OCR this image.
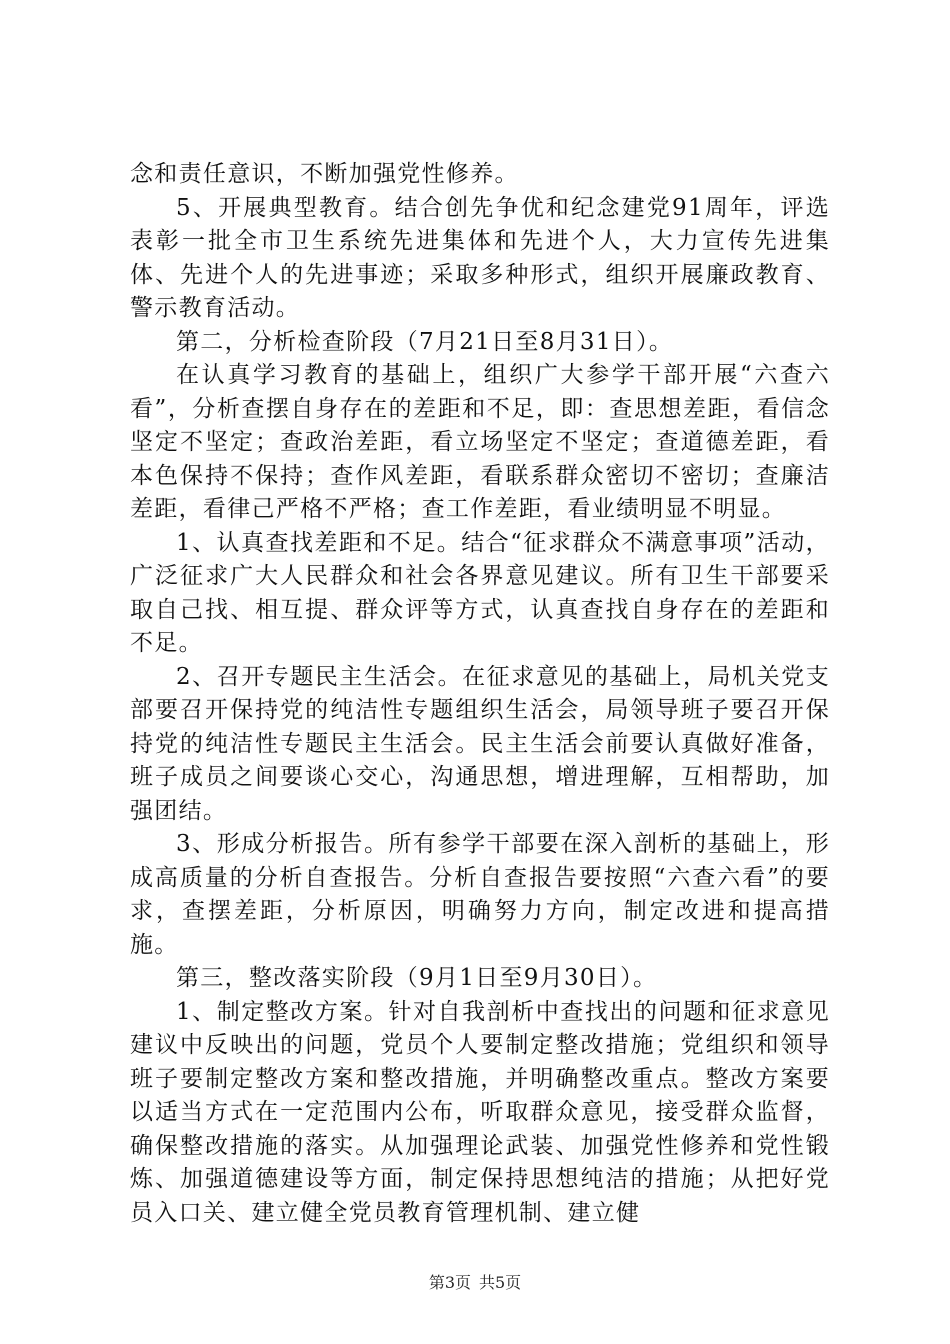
念和责任意识，不断加强党性修养。

5、开展典型教育。结合创先争优和纪念建党91周年，评选表彰一批全市卫生系统先进集体和先进个人，大力宣传先进集体、先进个人的先进事迹；采取多种形式，组织开展廉政教育、警示教育活动。

第二，分析检查阶段（7月21日至8月31日）。

在认真学习教育的基础上，组织广大参学干部开展“六查六看”，分析查摆自身存在的差距和不足，即：查思想差距，看信念坚定不坚定；查政治差距，看立场坚定不坚定；查道德差距，看本色保持不保持；查作风差距，看联系群众密切不密切；查廉洁差距，看律己严格不严格；查工作差距，看业绩明显不明显。

1、认真查找差距和不足。结合“征求群众不满意事项”活动，广泛征求广大人民群众和社会各界意见建议。所有卫生干部要采取自己找、相互提、群众评等方式，认真查找自身存在的差距和不足。

2、召开专题民主生活会。在征求意见的基础上，局机关党支部要召开保持党的纯洁性专题组织生活会，局领导班子要召开保持党的纯洁性专题民主生活会。民主生活会前要认真做好准备，班子成员之间要谈心交心，沟通思想，增进理解，互相帮助，加强团结。

3、形成分析报告。所有参学干部要在深入剖析的基础上，形成高质量的分析自查报告。分析自查报告要按照“六查六看”的要求，查摆差距，分析原因，明确努力方向，制定改进和提高措施。

第三，整改落实阶段（9月1日至9月30日）。

1、制定整改方案。针对自我剖析中查找出的问题和征求意见建议中反映出的问题，党员个人要制定整改措施；党组织和领导班子要制定整改方案和整改措施，并明确整改重点。整改方案要以适当方式在一定范围内公布，听取群众意见，接受群众监督，确保整改措施的落实。从加强理论武装、加强党性修养和党性锻炼、加强道德建设等方面，制定保持思想纯洁的措施；从把好党员入口关、建立健全党员教育管理机制、建立健

第3页 共5页
